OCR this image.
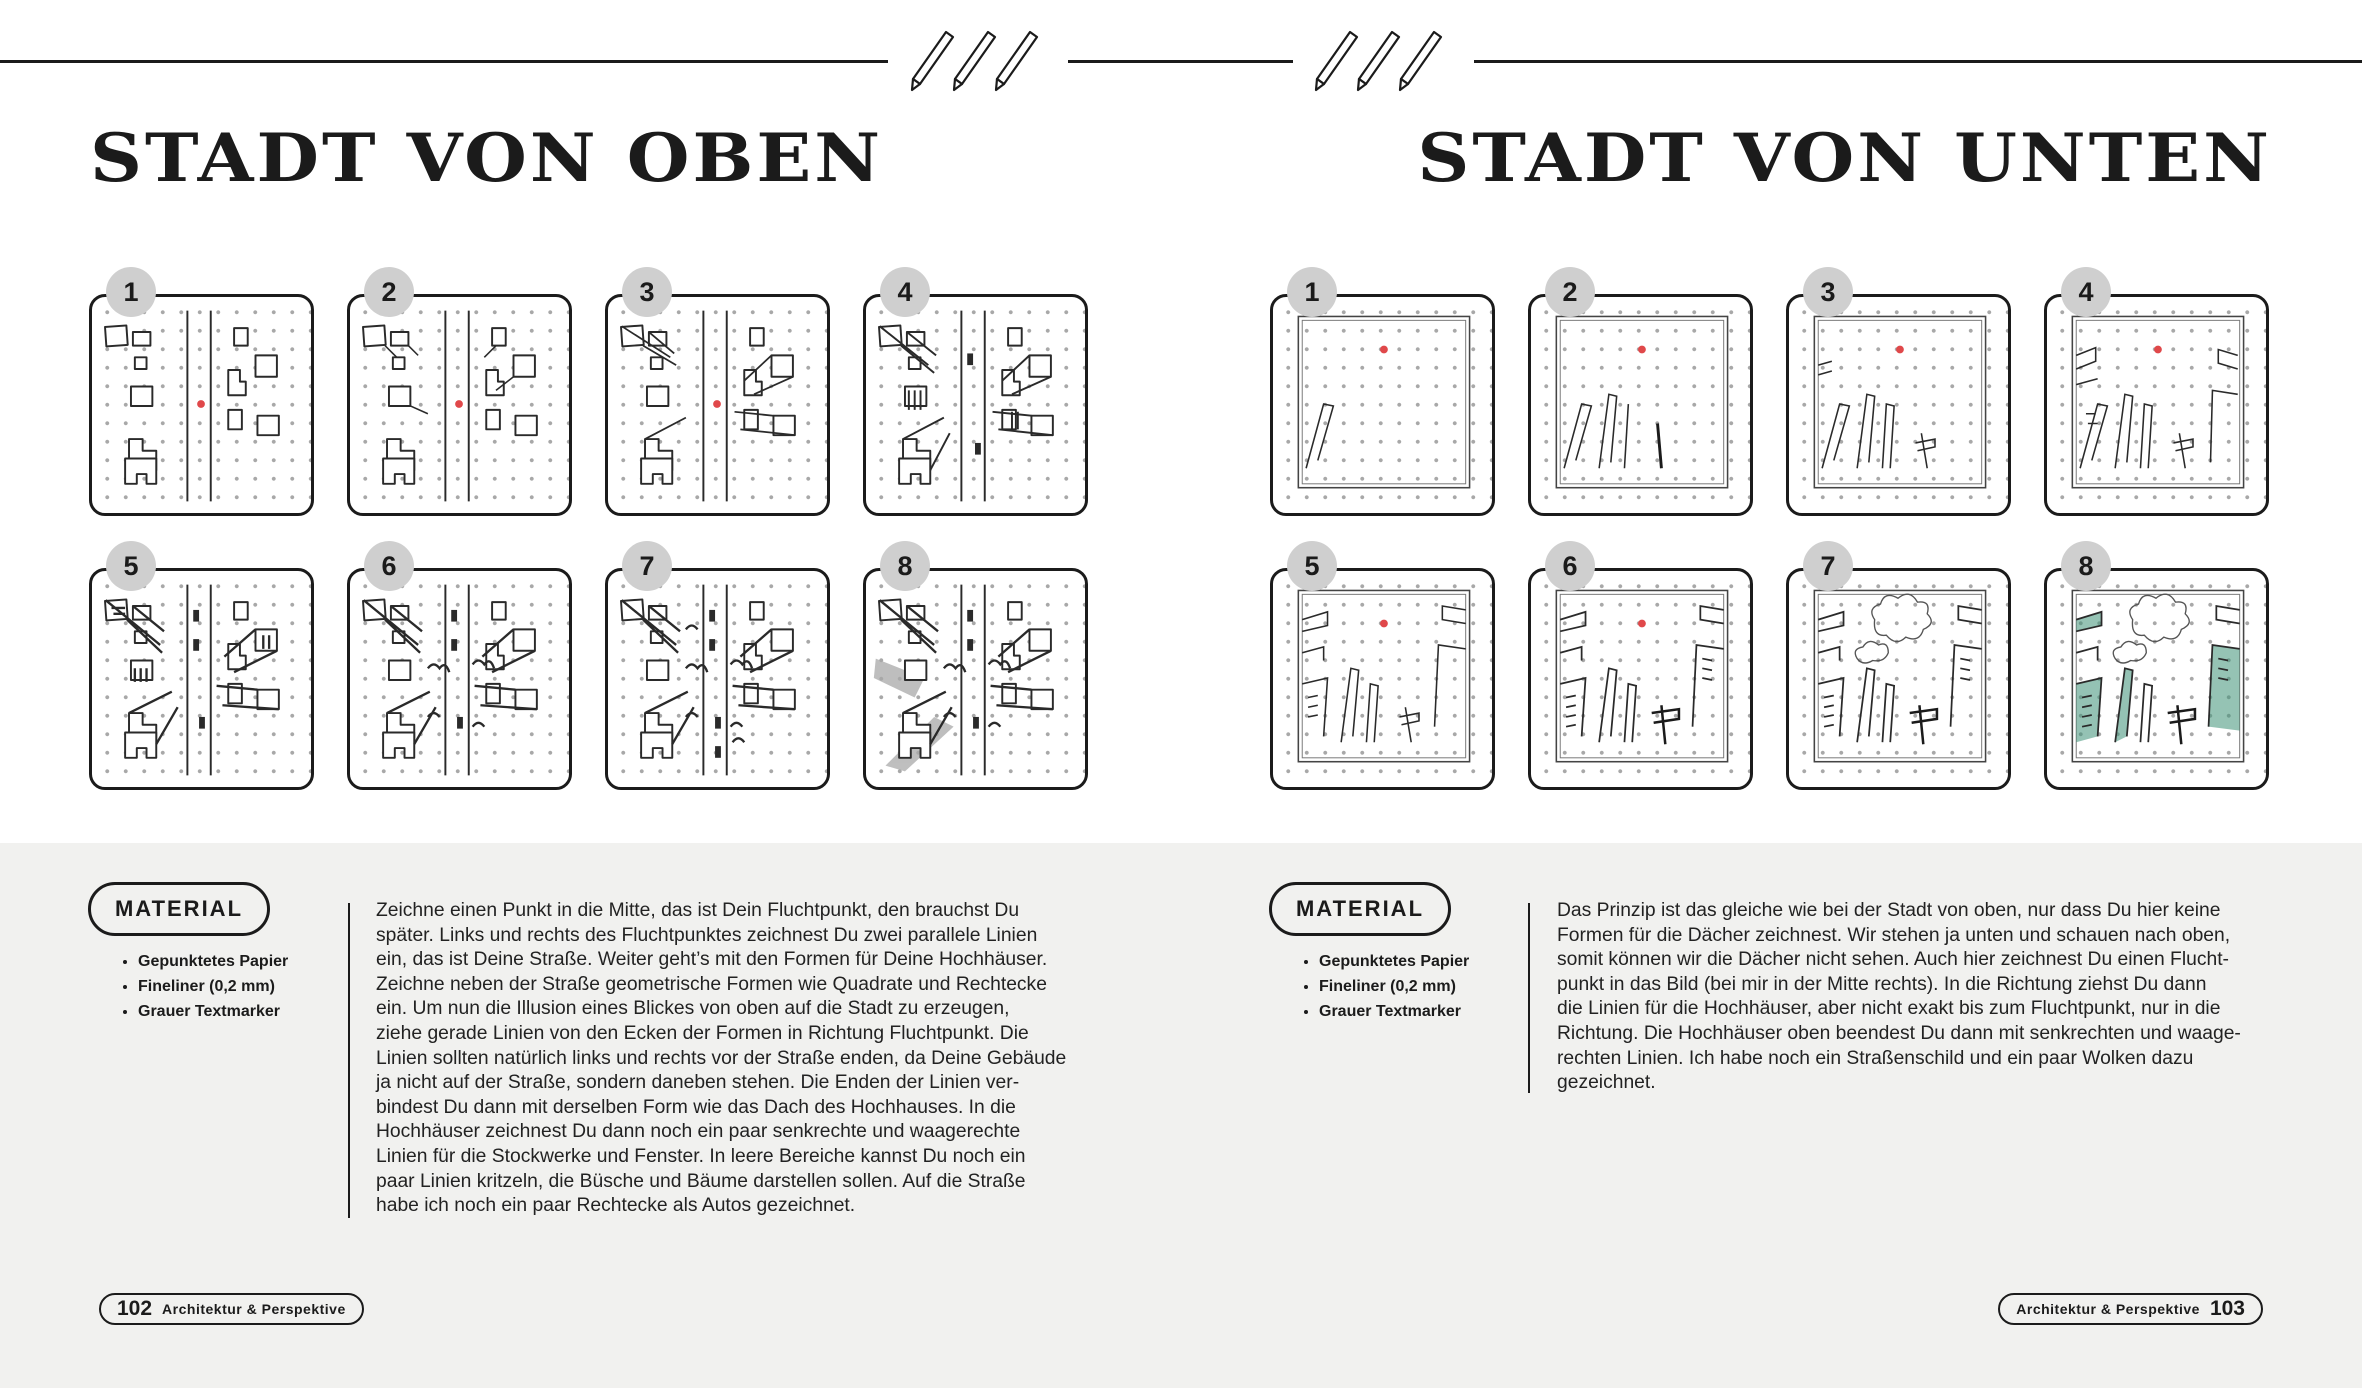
STADT VON OBEN	STADT VON UNTEN
1	2	3	4
5	6	7	8
1	2	3	4
5	6	7	8
MATERIAL
• Gepunktetes Papier
• Fineliner (0,2 mm)
• Grauer Textmarker

Zeichne einen Punkt in die Mitte, das ist Dein Fluchtpunkt, den brauchst Du
später. Links und rechts des Fluchtpunktes zeichnest Du zwei parallele Linien
ein, das ist Deine Straße. Weiter geht’s mit den Formen für Deine Hochhäuser.
Zeichne neben der Straße geometrische Formen wie Quadrate und Rechtecke
ein. Um nun die Illusion eines Blickes von oben auf die Stadt zu erzeugen,
ziehe gerade Linien von den Ecken der Formen in Richtung Fluchtpunkt. Die
Linien sollten natürlich links und rechts vor der Straße enden, da Deine Gebäude
ja nicht auf der Straße, sondern daneben stehen. Die Enden der Linien ver-
bindest Du dann mit derselben Form wie das Dach des Hochhauses. In die
Hochhäuser zeichnest Du dann noch ein paar senkrechte und waagerechte
Linien für die Stockwerke und Fenster. In leere Bereiche kannst Du noch ein
paar Linien kritzeln, die Büsche und Bäume darstellen sollen. Auf die Straße
habe ich noch ein paar Rechtecke als Autos gezeichnet.

MATERIAL
• Gepunktetes Papier
• Fineliner (0,2 mm)
• Grauer Textmarker

Das Prinzip ist das gleiche wie bei der Stadt von oben, nur dass Du hier keine
Formen für die Dächer zeichnest. Wir stehen ja unten und schauen nach oben,
somit können wir die Dächer nicht sehen. Auch hier zeichnest Du einen Flucht-
punkt in das Bild (bei mir in der Mitte rechts). In die Richtung ziehst Du dann
die Linien für die Hochhäuser, aber nicht exakt bis zum Fluchtpunkt, nur in die
Richtung. Die Hochhäuser oben beendest Du dann mit senkrechten und waage-
rechten Linien. Ich habe noch ein Straßenschild und ein paar Wolken dazu
gezeichnet.

102 Architektur & Perspektive	Architektur & Perspektive 103
